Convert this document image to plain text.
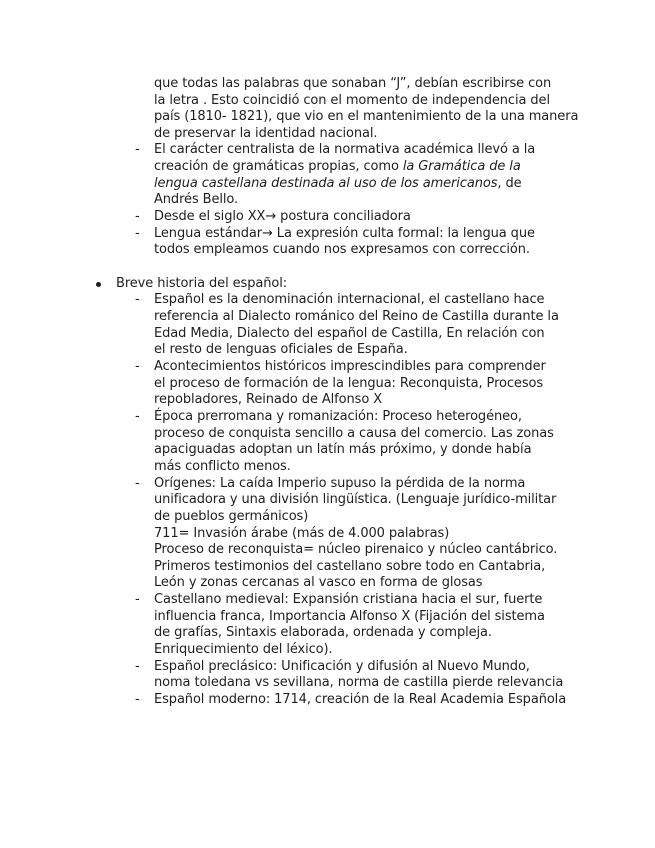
que todas las palabras que sonaban “J”, debían escribirse con
la letra . Esto coincidió con el momento de independencia del
país (1810- 1821), que vio en el mantenimiento de la una manera
de preservar la identidad nacional.
- El carácter centralista de la normativa académica llevó a la
creación de gramáticas propias, como la Gramática de la
lengua castellana destinada al uso de los americanos, de
Andrés Bello.
- Desde el siglo XX→ postura conciliadora
- Lengua estándar→ La expresión culta formal: la lengua que
todos empleamos cuando nos expresamos con corrección.
Breve historia del español:
- Español es la denominación internacional, el castellano hace
referencia al Dialecto románico del Reino de Castilla durante la
Edad Media, Dialecto del español de Castilla, En relación con
el resto de lenguas oficiales de España.
- Acontecimientos históricos imprescindibles para comprender
el proceso de formación de la lengua: Reconquista, Procesos
repobladores, Reinado de Alfonso X
- Época prerromana y romanización: Proceso heterogéneo,
proceso de conquista sencillo a causa del comercio. Las zonas
apaciguadas adoptan un latín más próximo, y donde había
más conflicto menos.
- Orígenes: La caída Imperio supuso la pérdida de la norma
unificadora y una división lingüística. (Lenguaje jurídico-militar
de pueblos germánicos)
711= Invasión árabe (más de 4.000 palabras)
Proceso de reconquista= núcleo pirenaico y núcleo cantábrico.
Primeros testimonios del castellano sobre todo en Cantabria,
León y zonas cercanas al vasco en forma de glosas
- Castellano medieval: Expansión cristiana hacia el sur, fuerte
influencia franca, Importancia Alfonso X (Fijación del sistema
de grafías, Sintaxis elaborada, ordenada y compleja.
Enriquecimiento del léxico).
- Español preclásico: Unificación y difusión al Nuevo Mundo,
noma toledana vs sevillana, norma de castilla pierde relevancia
- Español moderno: 1714, creación de la Real Academia Española
